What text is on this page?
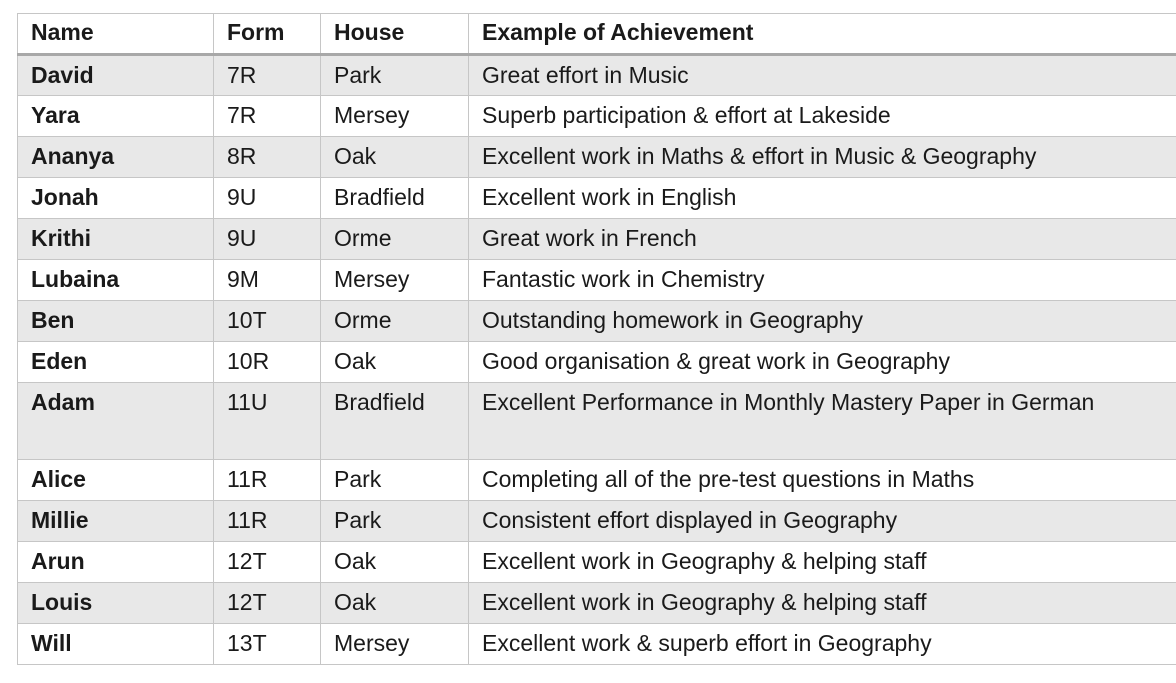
Name	Form	House	Example of Achievement
David	7R	Park	Great effort in Music
Yara	7R	Mersey	Superb participation & effort at Lakeside
Ananya	8R	Oak	Excellent work in Maths & effort in Music & Geography
Jonah	9U	Bradfield	Excellent work in English
Krithi	9U	Orme	Great work in French
Lubaina	9M	Mersey	Fantastic work in Chemistry
Ben	10T	Orme	Outstanding homework in Geography
Eden	10R	Oak	Good organisation & great work in Geography
Adam	11U	Bradfield	Excellent Performance in Monthly Mastery Paper in German
Alice	11R	Park	Completing all of the pre-test questions in Maths
Millie	11R	Park	Consistent effort displayed in Geography
Arun	12T	Oak	Excellent work in Geography & helping staff
Louis	12T	Oak	Excellent work in Geography & helping staff
Will	13T	Mersey	Excellent work & superb effort in Geography
